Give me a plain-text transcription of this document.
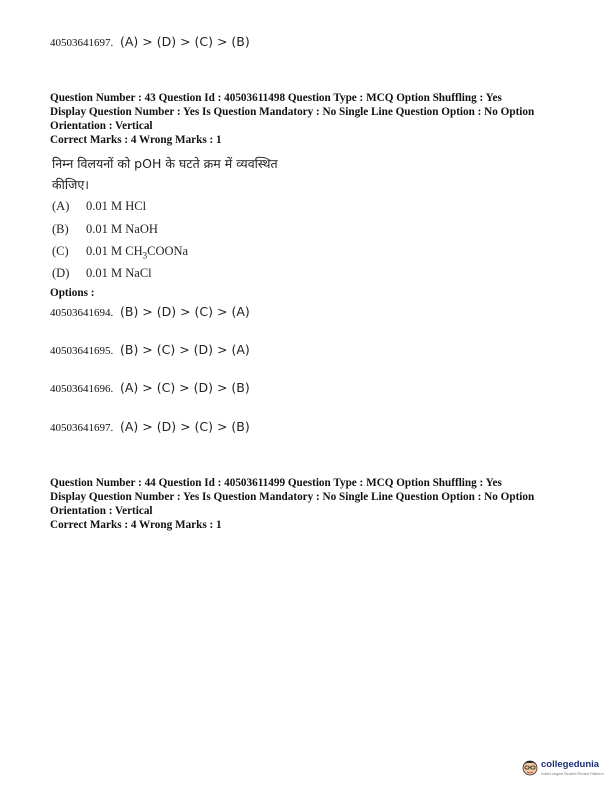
40503641697. (A) > (D) > (C) > (B)
Question Number : 43 Question Id : 40503611498 Question Type : MCQ Option Shuffling : Yes
Display Question Number : Yes Is Question Mandatory : No Single Line Question Option : No Option
Orientation : Vertical
Correct Marks : 4 Wrong Marks : 1
निम्न विलयनों को pOH के घटते क्रम में व्यवस्थित
कीजिए।
(A) 0.01 M HCl
(B) 0.01 M NaOH
(C) 0.01 M $CH_3COONa$
(D) 0.01 M NaCl
Options :
40503641694. (B) > (D) > (C) > (A)
40503641695. (B) > (C) > (D) > (A)
40503641696. (A) > (C) > (D) > (B)
40503641697. (A) > (D) > (C) > (B)
Question Number : 44 Question Id : 40503611499 Question Type : MCQ Option Shuffling : Yes
Display Question Number : Yes Is Question Mandatory : No Single Line Question Option : No Option
Orientation : Vertical
Correct Marks : 4 Wrong Marks : 1
collegedunia
India's largest Student Review Platform
